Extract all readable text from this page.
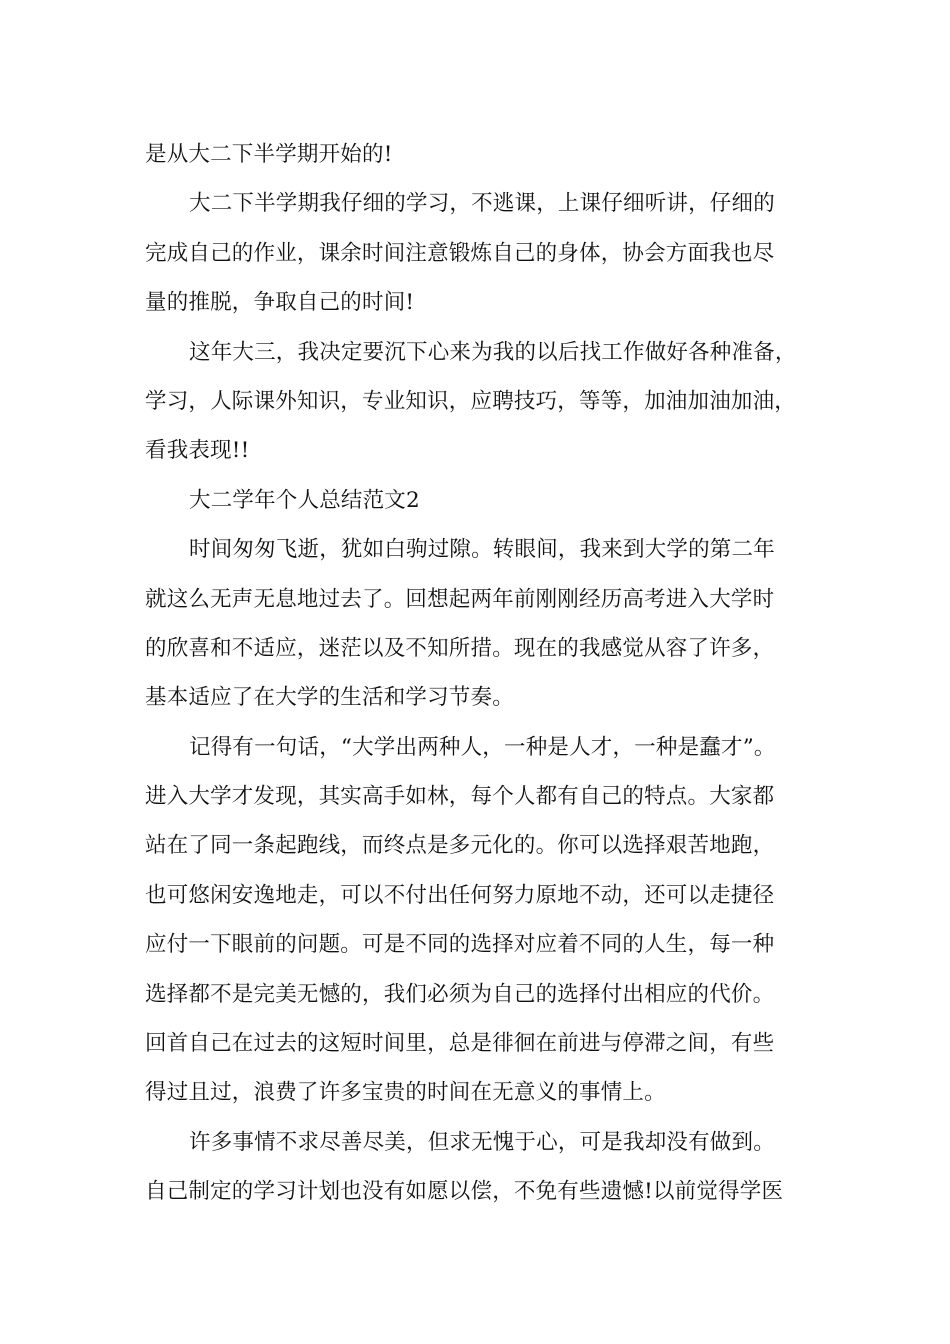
是从大二下半学期开始的!
大二下半学期我仔细的学习，不逃课，上课仔细听讲，仔细的
完成自己的作业，课余时间注意锻炼自己的身体，协会方面我也尽
量的推脱，争取自己的时间!
这年大三，我决定要沉下心来为我的以后找工作做好各种准备，
学习，人际课外知识，专业知识，应聘技巧，等等，加油加油加油，
看我表现!!
大二学年个人总结范文2
时间匆匆飞逝，犹如白驹过隙。转眼间，我来到大学的第二年
就这么无声无息地过去了。回想起两年前刚刚经历高考进入大学时
的欣喜和不适应，迷茫以及不知所措。现在的我感觉从容了许多，
基本适应了在大学的生活和学习节奏。
记得有一句话，“大学出两种人，一种是人才，一种是蠢才”。
进入大学才发现，其实高手如林，每个人都有自己的特点。大家都
站在了同一条起跑线，而终点是多元化的。你可以选择艰苦地跑，
也可悠闲安逸地走，可以不付出任何努力原地不动，还可以走捷径
应付一下眼前的问题。可是不同的选择对应着不同的人生，每一种
选择都不是完美无憾的，我们必须为自己的选择付出相应的代价。
回首自己在过去的这短时间里，总是徘徊在前进与停滞之间，有些
得过且过，浪费了许多宝贵的时间在无意义的事情上。
许多事情不求尽善尽美，但求无愧于心，可是我却没有做到。
自己制定的学习计划也没有如愿以偿，不免有些遗憾!以前觉得学医
